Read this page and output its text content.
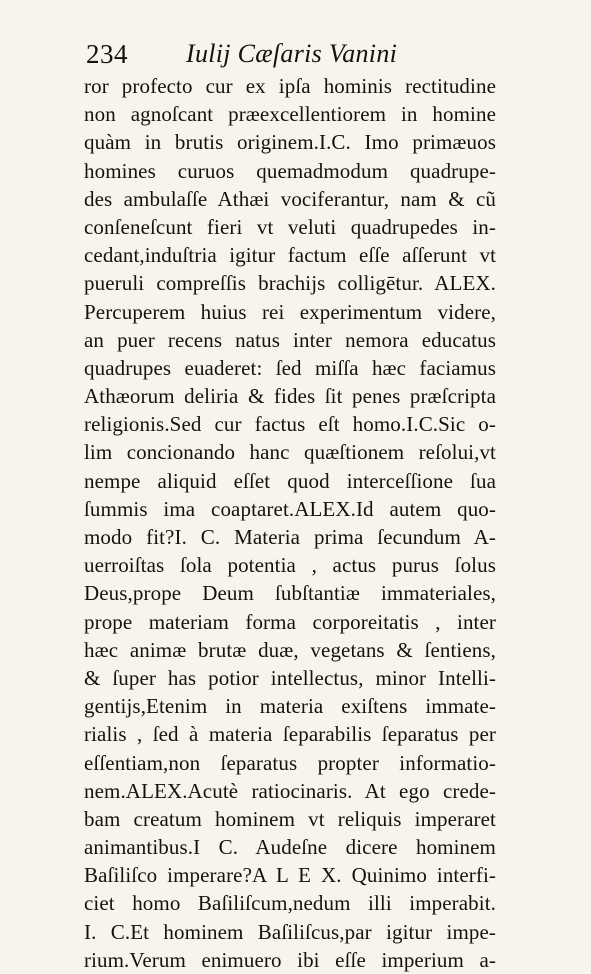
234 Iulij Cæſaris Vanini
ror profecto cur ex ipſa hominis rectitudine
non agnoſcant præexcellentiorem in homine
quàm in brutis originem.I.C. Imo primæuos
homines curuos quemadmodum quadrupe-
des ambulaſſe Athæi vociferantur, nam & cũ
conſeneſcunt fieri vt veluti quadrupedes in-
cedant,induſtria igitur factum eſſe aſſerunt vt
pueruli compreſſis brachijs colligētur. ALEX.
Percuperem huius rei experimentum videre,
an puer recens natus inter nemora educatus
quadrupes euaderet: ſed miſſa hæc faciamus
Athæorum deliria & fides ſit penes præſcripta
religionis.Sed cur factus eſt homo.I.C.Sic o-
lim concionando hanc quæſtionem reſolui,vt
nempe aliquid eſſet quod interceſſione ſua
ſummis ima coaptaret.ALEX.Id autem quo-
modo fit?I. C. Materia prima ſecundum A-
uerroiſtas ſola potentia , actus purus ſolus
Deus,prope Deum ſubſtantiæ immateriales,
prope materiam forma corporeitatis , inter
hæc animæ brutæ duæ, vegetans & ſentiens,
& ſuper has potior intellectus, minor Intelli-
gentijs,Etenim in materia exiſtens immate-
rialis , ſed à materia ſeparabilis ſeparatus per
eſſentiam,non ſeparatus propter informatio-
nem.ALEX.Acutè ratiocinaris. At ego crede-
bam creatum hominem vt reliquis imperaret
animantibus.I C. Audeſne dicere hominem
Baſiliſco imperare?A L E X. Quinimo interfi-
ciet homo Baſiliſcum,nedum illi imperabit.
I. C.Et hominem Baſiliſcus,par igitur impe-
rium.Verum enimuero ibi eſſe imperium a-
